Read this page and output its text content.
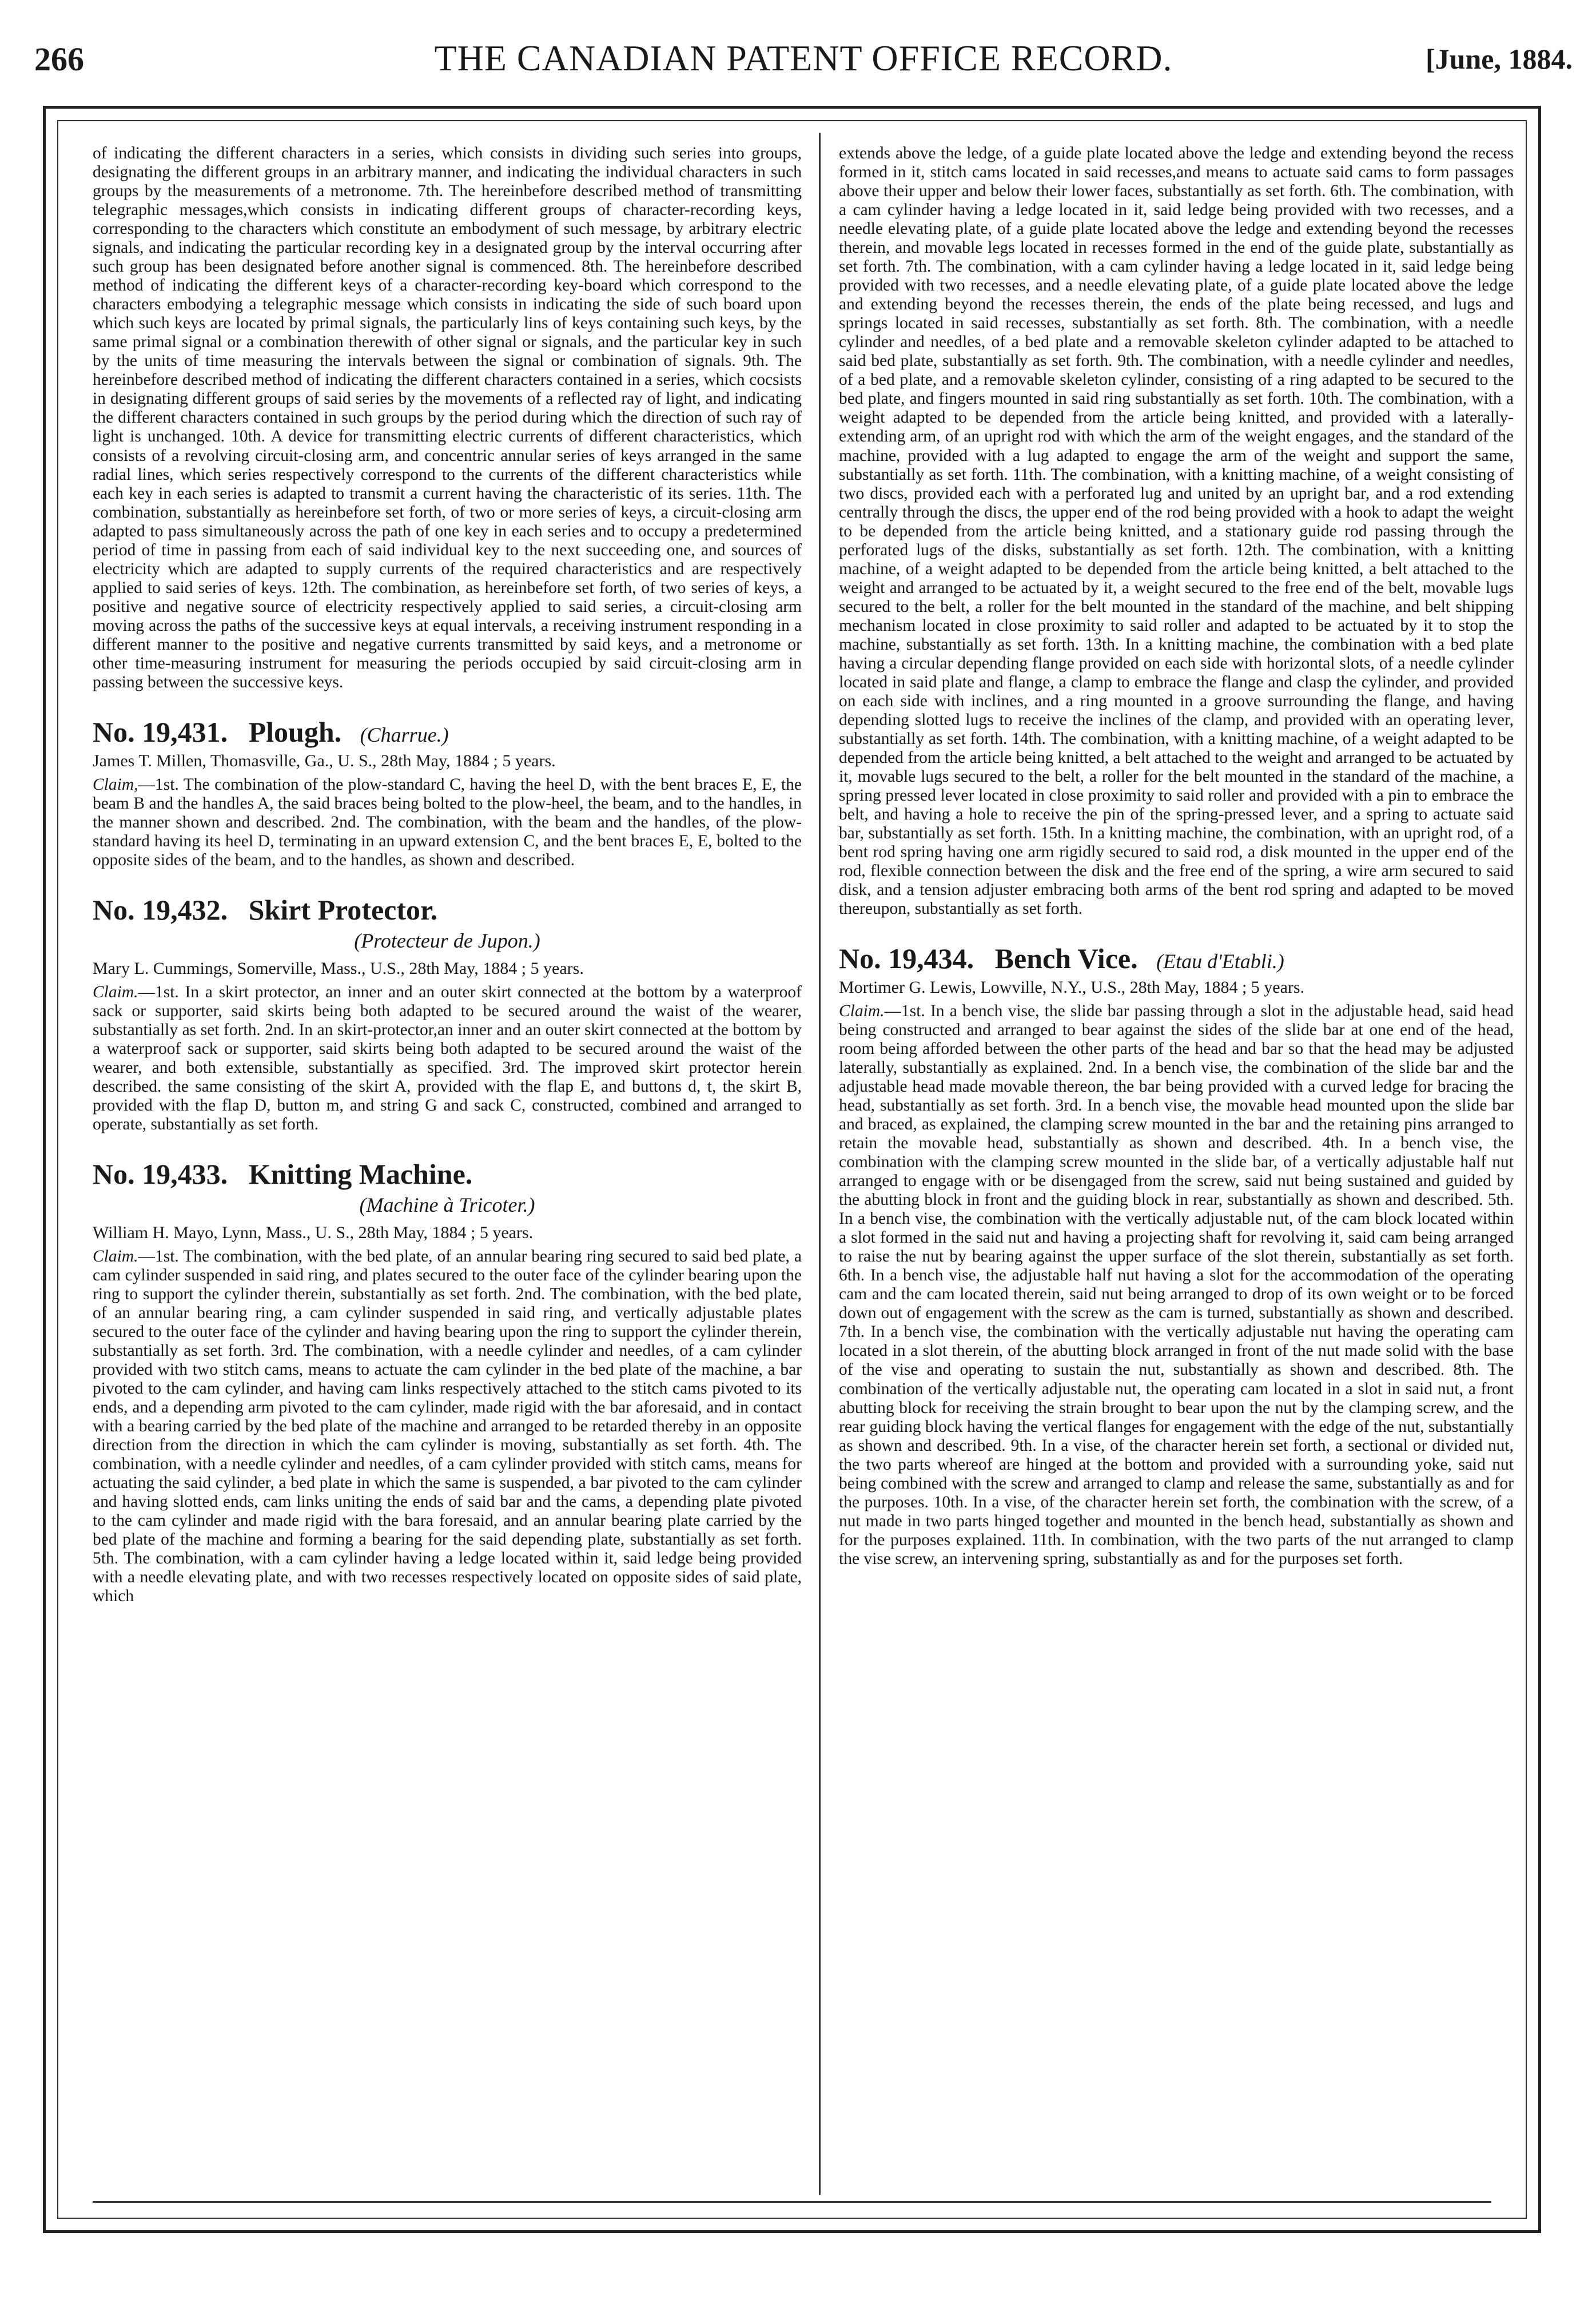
266	THE CANADIAN PATENT OFFICE RECORD.	[June, 1884.

of indicating the different characters in a series, which consists in dividing such series into groups, designating the different groups in an arbitrary manner, and indicating the individual characters in such groups by the measurements of a metronome. 7th. The hereinbefore described method of transmitting telegraphic messages,which consists in indicating different groups of character-recording keys, corresponding to the characters which constitute an embodyment of such message, by arbitrary electric signals, and indicating the particular recording key in a designated group by the interval occurring after such group has been designated before another signal is commenced. 8th. The hereinbefore described method of indicating the different keys of a character-recording key-board which correspond to the characters embodying a telegraphic message which consists in indicating the side of such board upon which such keys are located by primal signals, the particularly lins of keys containing such keys, by the same primal signal or a combination therewith of other signal or signals, and the particular key in such by the units of time measuring the intervals between the signal or combination of signals. 9th. The hereinbefore described method of indicating the different characters contained in a series, which cocsists in designating different groups of said series by the movements of a reflected ray of light, and indicating the different characters contained in such groups by the period during which the direction of such ray of light is unchanged. 10th. A device for transmitting electric currents of different characteristics, which consists of a revolving circuit-closing arm, and concentric annular series of keys arranged in the same radial lines, which series respectively correspond to the currents of the different characteristics while each key in each series is adapted to transmit a current having the characteristic of its series. 11th. The combination, substantially as hereinbefore set forth, of two or more series of keys, a circuit-closing arm adapted to pass simultaneously across the path of one key in each series and to occupy a predetermined period of time in passing from each of said individual key to the next succeeding one, and sources of electricity which are adapted to supply currents of the required characteristics and are respectively applied to said series of keys. 12th. The combination, as hereinbefore set forth, of two series of keys, a positive and negative source of electricity respectively applied to said series, a circuit-closing arm moving across the paths of the successive keys at equal intervals, a receiving instrument responding in a different manner to the positive and negative currents transmitted by said keys, and a metronome or other time-measuring instrument for measuring the periods occupied by said circuit-closing arm in passing between the successive keys.

No. 19,431. Plough. (Charrue.)

James T. Millen, Thomasville, Ga., U. S., 28th May, 1884 ; 5 years.

Claim,—1st. The combination of the plow-standard C, having the heel D, with the bent braces E, E, the beam B and the handles A, the said braces being bolted to the plow-heel, the beam, and to the handles, in the manner shown and described. 2nd. The combination, with the beam and the handles, of the plow-standard having its heel D, terminating in an upward extension C, and the bent braces E, E, bolted to the opposite sides of the beam, and to the handles, as shown and described.

No. 19,432. Skirt Protector.
(Protecteur de Jupon.)

Mary L. Cummings, Somerville, Mass., U.S., 28th May, 1884 ; 5 years.

Claim.—1st. In a skirt protector, an inner and an outer skirt connected at the bottom by a waterproof sack or supporter, said skirts being both adapted to be secured around the waist of the wearer, substantially as set forth. 2nd. In an skirt-protector,an inner and an outer skirt connected at the bottom by a waterproof sack or supporter, said skirts being both adapted to be secured around the waist of the wearer, and both extensible, substantially as specified. 3rd. The improved skirt protector herein described. the same consisting of the skirt A, provided with the flap E, and buttons d, t, the skirt B, provided with the flap D, button m, and string G and sack C, constructed, combined and arranged to operate, substantially as set forth.

No. 19,433. Knitting Machine.
(Machine à Tricoter.)

William H. Mayo, Lynn, Mass., U. S., 28th May, 1884 ; 5 years.

Claim.—1st. The combination, with the bed plate, of an annular bearing ring secured to said bed plate, a cam cylinder suspended in said ring, and plates secured to the outer face of the cylinder bearing upon the ring to support the cylinder therein, substantially as set forth. 2nd. The combination, with the bed plate, of an annular bearing ring, a cam cylinder suspended in said ring, and vertically adjustable plates secured to the outer face of the cylinder and having bearing upon the ring to support the cylinder therein, substantially as set forth. 3rd. The combination, with a needle cylinder and needles, of a cam cylinder provided with two stitch cams, means to actuate the cam cylinder in the bed plate of the machine, a bar pivoted to the cam cylinder, and having cam links respectively attached to the stitch cams pivoted to its ends, and a depending arm pivoted to the cam cylinder, made rigid with the bar aforesaid, and in contact with a bearing carried by the bed plate of the machine and arranged to be retarded thereby in an opposite direction from the direction in which the cam cylinder is moving, substantially as set forth. 4th. The combination, with a needle cylinder and needles, of a cam cylinder provided with stitch cams, means for actuating the said cylinder, a bed plate in which the same is suspended, a bar pivoted to the cam cylinder and having slotted ends, cam links uniting the ends of said bar and the cams, a depending plate pivoted to the cam cylinder and made rigid with the bara foresaid, and an annular bearing plate carried by the bed plate of the machine and forming a bearing for the said depending plate, substantially as set forth. 5th. The combination, with a cam cylinder having a ledge located within it, said ledge being provided with a needle elevating plate, and with two recesses respectively located on opposite sides of said plate, which

extends above the ledge, of a guide plate located above the ledge and extending beyond the recess formed in it, stitch cams located in said recesses,and means to actuate said cams to form passages above their upper and below their lower faces, substantially as set forth. 6th. The combination, with a cam cylinder having a ledge located in it, said ledge being provided with two recesses, and a needle elevating plate, of a guide plate located above the ledge and extending beyond the recesses therein, and movable legs located in recesses formed in the end of the guide plate, substantially as set forth. 7th. The combination, with a cam cylinder having a ledge located in it, said ledge being provided with two recesses, and a needle elevating plate, of a guide plate located above the ledge and extending beyond the recesses therein, the ends of the plate being recessed, and lugs and springs located in said recesses, substantially as set forth. 8th. The combination, with a needle cylinder and needles, of a bed plate and a removable skeleton cylinder adapted to be attached to said bed plate, substantially as set forth. 9th. The combination, with a needle cylinder and needles, of a bed plate, and a removable skeleton cylinder, consisting of a ring adapted to be secured to the bed plate, and fingers mounted in said ring substantially as set forth. 10th. The combination, with a weight adapted to be depended from the article being knitted, and provided with a laterally-extending arm, of an upright rod with which the arm of the weight engages, and the standard of the machine, provided with a lug adapted to engage the arm of the weight and support the same, substantially as set forth. 11th. The combination, with a knitting machine, of a weight consisting of two discs, provided each with a perforated lug and united by an upright bar, and a rod extending centrally through the discs, the upper end of the rod being provided with a hook to adapt the weight to be depended from the article being knitted, and a stationary guide rod passing through the perforated lugs of the disks, substantially as set forth. 12th. The combination, with a knitting machine, of a weight adapted to be depended from the article being knitted, a belt attached to the weight and arranged to be actuated by it, a weight secured to the free end of the belt, movable lugs secured to the belt, a roller for the belt mounted in the standard of the machine, and belt shipping mechanism located in close proximity to said roller and adapted to be actuated by it to stop the machine, substantially as set forth. 13th. In a knitting machine, the combination with a bed plate having a circular depending flange provided on each side with horizontal slots, of a needle cylinder located in said plate and flange, a clamp to embrace the flange and clasp the cylinder, and provided on each side with inclines, and a ring mounted in a groove surrounding the flange, and having depending slotted lugs to receive the inclines of the clamp, and provided with an operating lever, substantially as set forth. 14th. The combination, with a knitting machine, of a weight adapted to be depended from the article being knitted, a belt attached to the weight and arranged to be actuated by it, movable lugs secured to the belt, a roller for the belt mounted in the standard of the machine, a spring pressed lever located in close proximity to said roller and provided with a pin to embrace the belt, and having a hole to receive the pin of the spring-pressed lever, and a spring to actuate said bar, substantially as set forth. 15th. In a knitting machine, the combination, with an upright rod, of a bent rod spring having one arm rigidly secured to said rod, a disk mounted in the upper end of the rod, flexible connection between the disk and the free end of the spring, a wire arm secured to said disk, and a tension adjuster embracing both arms of the bent rod spring and adapted to be moved thereupon, substantially as set forth.

No. 19,434. Bench Vice. (Etau d'Etabli.)

Mortimer G. Lewis, Lowville, N.Y., U.S., 28th May, 1884 ; 5 years.

Claim.—1st. In a bench vise, the slide bar passing through a slot in the adjustable head, said head being constructed and arranged to bear against the sides of the slide bar at one end of the head, room being afforded between the other parts of the head and bar so that the head may be adjusted laterally, substantially as explained. 2nd. In a bench vise, the combination of the slide bar and the adjustable head made movable thereon, the bar being provided with a curved ledge for bracing the head, substantially as set forth. 3rd. In a bench vise, the movable head mounted upon the slide bar and braced, as explained, the clamping screw mounted in the bar and the retaining pins arranged to retain the movable head, substantially as shown and described. 4th. In a bench vise, the combination with the clamping screw mounted in the slide bar, of a vertically adjustable half nut arranged to engage with or be disengaged from the screw, said nut being sustained and guided by the abutting block in front and the guiding block in rear, substantially as shown and described. 5th. In a bench vise, the combination with the vertically adjustable nut, of the cam block located within a slot formed in the said nut and having a projecting shaft for revolving it, said cam being arranged to raise the nut by bearing against the upper surface of the slot therein, substantially as set forth. 6th. In a bench vise, the adjustable half nut having a slot for the accommodation of the operating cam and the cam located therein, said nut being arranged to drop of its own weight or to be forced down out of engagement with the screw as the cam is turned, substantially as shown and described. 7th. In a bench vise, the combination with the vertically adjustable nut having the operating cam located in a slot therein, of the abutting block arranged in front of the nut made solid with the base of the vise and operating to sustain the nut, substantially as shown and described. 8th. The combination of the vertically adjustable nut, the operating cam located in a slot in said nut, a front abutting block for receiving the strain brought to bear upon the nut by the clamping screw, and the rear guiding block having the vertical flanges for engagement with the edge of the nut, substantially as shown and described. 9th. In a vise, of the character herein set forth, a sectional or divided nut, the two parts whereof are hinged at the bottom and provided with a surrounding yoke, said nut being combined with the screw and arranged to clamp and release the same, substantially as and for the purposes. 10th. In a vise, of the character herein set forth, the combination with the screw, of a nut made in two parts hinged together and mounted in the bench head, substantially as shown and for the purposes explained. 11th. In combination, with the two parts of the nut arranged to clamp the vise screw, an intervening spring, substantially as and for the purposes set forth.
